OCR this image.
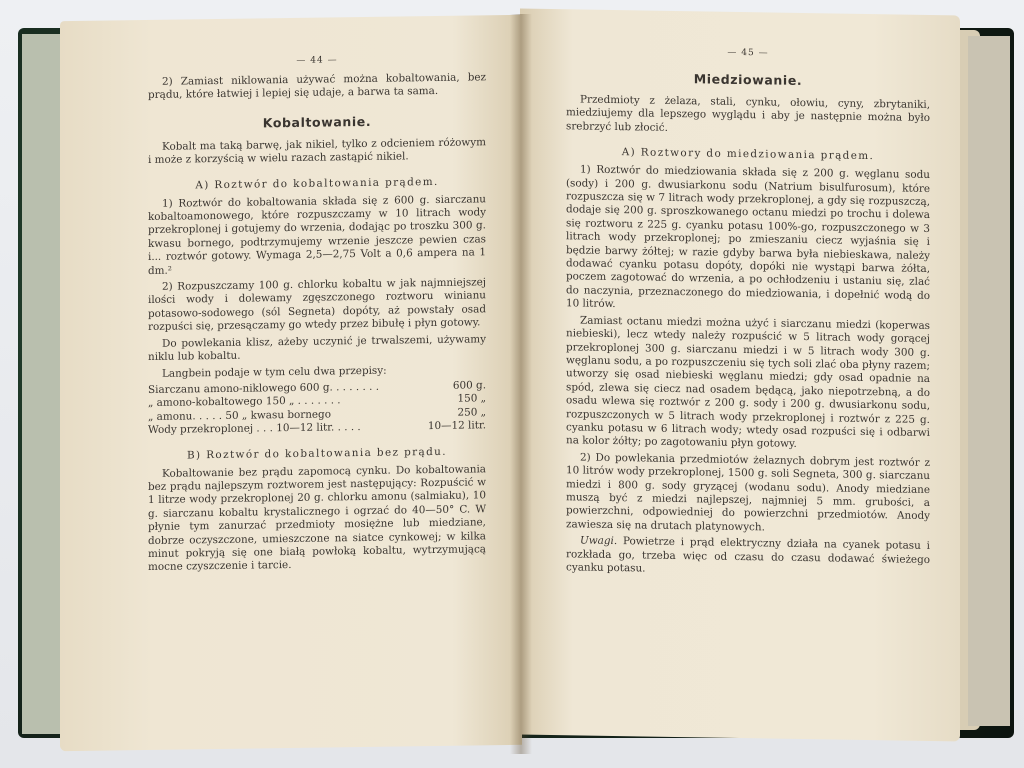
— 44 —

2) Zamiast niklowania używać można kobaltowania, bez prądu, które łatwiej i lepiej się udaje, a barwa ta sama.

Kobaltowanie.

Kobalt ma taką barwę, jak nikiel, tylko z odcieniem różowym i może z korzyścią w wielu razach zastąpić nikiel.

A) Roztwór do kobaltowania prądem.

1) Roztwór do kobaltowania składa się z 600 g. siarczanu kobaltoamonowego, które rozpuszczamy w 10 litrach wody przekroplonej i gotujemy do wrzenia, dodając po troszku 300 g. kwasu bornego, podtrzymujemy wrzenie jeszcze pewien czas i... roztwór gotowy. Wymaga 2,5—2,75 Volt a 0,6 ampera na 1 dm.²

2) Rozpuszczamy 100 g. chlorku kobaltu w jak najmniejszej ilości wody i dolewamy zgęszczonego roztworu winianu potasowo-sodowego (sól Segneta) dopóty, aż powstały osad rozpuści się, przesączamy go wtedy przez bibułę i płyn gotowy.

Do powlekania klisz, ażeby uczynić je trwalszemi, używamy niklu lub kobaltu.

Langbein podaje w tym celu dwa przepisy:

Siarczanu amono-niklowego 600 g. . . . . . . .	600 g.
„ amono-kobaltowego 150 „ . . . . . . .	150 „
„ amonu. . . . . 50 „ kwasu bornego	250 „
Wody przekroplonej . . . 10—12 litr. . . . .	10—12 litr.
B) Roztwór do kobaltowania bez prądu.

Kobaltowanie bez prądu zapomocą cynku. Do kobaltowania bez prądu najlepszym roztworem jest następujący: Rozpuścić w 1 litrze wody przekroplonej 20 g. chlorku amonu (salmiaku), 10 g. siarczanu kobaltu krystalicznego i ogrzać do 40—50° C. W płynie tym zanurzać przedmioty mosiężne lub miedziane, dobrze oczyszczone, umieszczone na siatce cynkowej; w kilka minut pokryją się one białą powłoką kobaltu, wytrzymującą mocne czyszczenie i tarcie.

— 45 —

Miedziowanie.

Przedmioty z żelaza, stali, cynku, ołowiu, cyny, zbrytaniki, miedziujemy dla lepszego wyglądu i aby je następnie można było srebrzyć lub złocić.

A) Roztwory do miedziowania prądem.

1) Roztwór do miedziowania składa się z 200 g. węglanu sodu (sody) i 200 g. dwusiarkonu sodu (Natrium bisulfurosum), które rozpuszcza się w 7 litrach wody przekroplonej, a gdy się rozpuszczą, dodaje się 200 g. sproszkowanego octanu miedzi po trochu i dolewa się roztworu z 225 g. cyanku potasu 100%-go, rozpuszczonego w 3 litrach wody przekroplonej; po zmieszaniu ciecz wyjaśnia się i będzie barwy żółtej; w razie gdyby barwa była niebieskawa, należy dodawać cyanku potasu dopóty, dopóki nie wystąpi barwa żółta, poczem zagotować do wrzenia, a po ochłodzeniu i ustaniu się, zlać do naczynia, przeznaczonego do miedziowania, i dopełnić wodą do 10 litrów.

Zamiast octanu miedzi można użyć i siarczanu miedzi (koperwas niebieski), lecz wtedy należy rozpuścić w 5 litrach wody gorącej przekroplonej 300 g. siarczanu miedzi i w 5 litrach wody 300 g. węglanu sodu, a po rozpuszczeniu się tych soli zlać oba płyny razem; utworzy się osad niebieski węglanu miedzi; gdy osad opadnie na spód, zlewa się ciecz nad osadem będącą, jako niepotrzebną, a do osadu wlewa się roztwór z 200 g. sody i 200 g. dwusiarkonu sodu, rozpuszczonych w 5 litrach wody przekroplonej i roztwór z 225 g. cyanku potasu w 6 litrach wody; wtedy osad rozpuści się i odbarwi na kolor żółty; po zagotowaniu płyn gotowy.

2) Do powlekania przedmiotów żelaznych dobrym jest roztwór z 10 litrów wody przekroplonej, 1500 g. soli Segneta, 300 g. siarczanu miedzi i 800 g. sody gryzącej (wodanu sodu). Anody miedziane muszą być z miedzi najlepszej, najmniej 5 mm. grubości, a powierzchni, odpowiedniej do powierzchni przedmiotów. Anody zawiesza się na drutach platynowych.

Uwagi. Powietrze i prąd elektryczny działa na cyanek potasu i rozkłada go, trzeba więc od czasu do czasu dodawać świeżego cyanku potasu.
